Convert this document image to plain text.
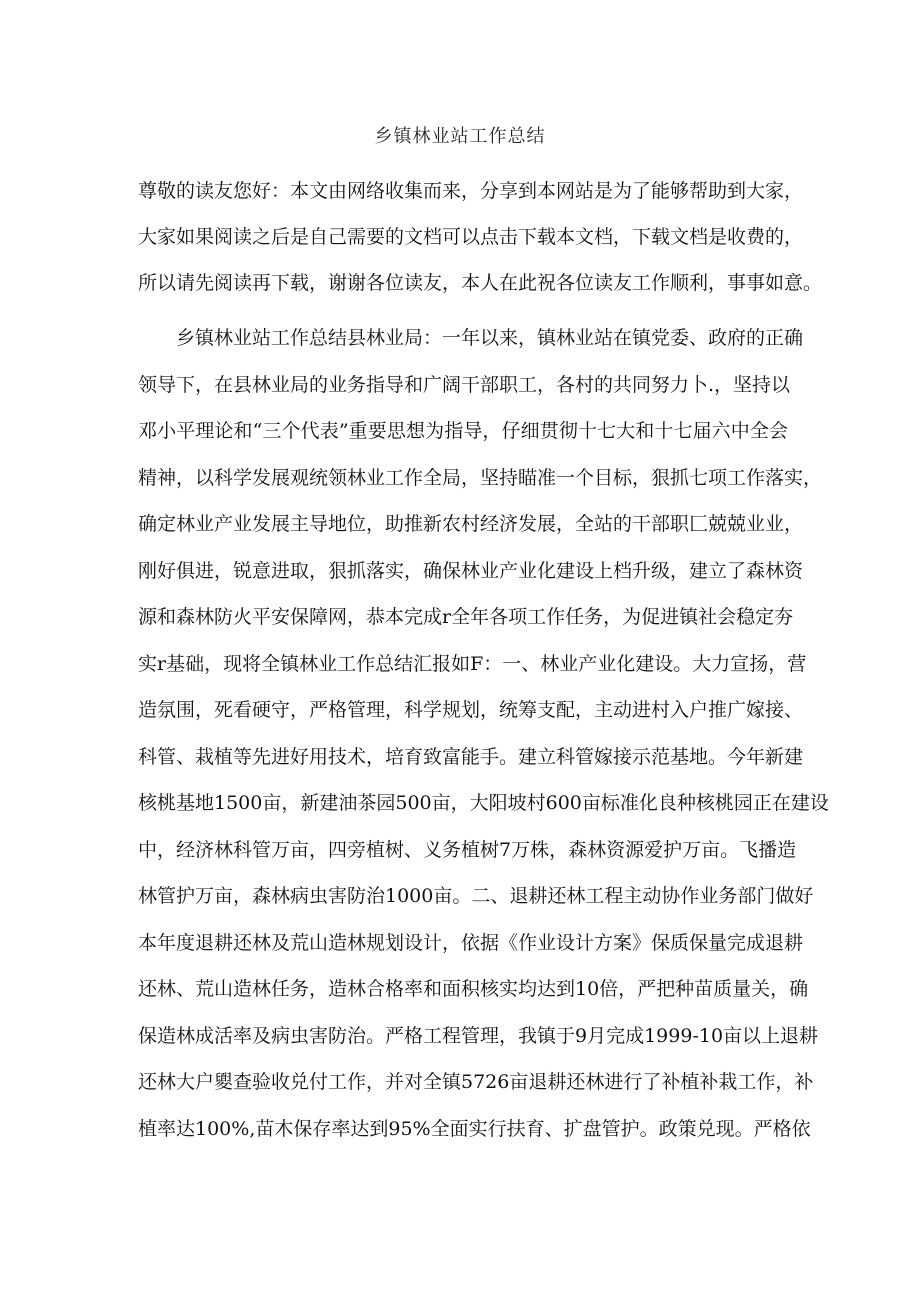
乡镇林业站工作总结
尊敬的读友您好：本文由网络收集而来，分享到本网站是为了能够帮助到大家，
大家如果阅读之后是自己需要的文档可以点击下载本文档，下载文档是收费的，
所以请先阅读再下载，谢谢各位读友，本人在此祝各位读友工作顺利，事事如意。
乡镇林业站工作总结县林业局：一年以来，镇林业站在镇党委、政府的正确
领导下，在县林业局的业务指导和广阔干部职工，各村的共同努力卜.，坚持以
邓小平理论和“三个代表”重要思想为指导，仔细贯彻十七大和十七届六中全会
精神，以科学发展观统领林业工作全局，坚持瞄准一个目标，狠抓七项工作落实，
确定林业产业发展主导地位，助推新农村经济发展，全站的干部职匚兢兢业业，
刚好俱进，锐意进取，狠抓落实，确保林业产业化建设上档升级，建立了森林资
源和森林防火平安保障网，恭本完成r全年各项工作任务，为促进镇社会稳定夯
实r基础，现将全镇林业工作总结汇报如F：一、林业产业化建设。大力宣扬，营
造氛围，死看硬守，严格管理，科学规划，统筹支配，主动进村入户推广嫁接、
科管、栽植等先进好用技术，培育致富能手。建立科管嫁接示范基地。今年新建
核桃基地1500亩，新建油茶园500亩，大阳坡村600亩标准化良种核桃园正在建设
中，经济林科管万亩，四旁植树、义务植树7万株，森林资源爱护万亩。飞播造
林管护万亩，森林病虫害防治1000亩。二、退耕还林工程主动协作业务部门做好
本年度退耕还林及荒山造林规划设计，依据《作业设计方案》保质保量完成退耕
还林、荒山造林任务，造林合格率和面积核实均达到10倍，严把种苗质量关，确
保造林成活率及病虫害防治。严格工程管理，我镇于9月完成1999-10亩以上退耕
还林大户夓查验收兑付工作，并对全镇5726亩退耕还林进行了补植补栽工作，补
植率达100%,苗木保存率达到95%全面实行扶育、扩盘管护。政策兑现。严格依
